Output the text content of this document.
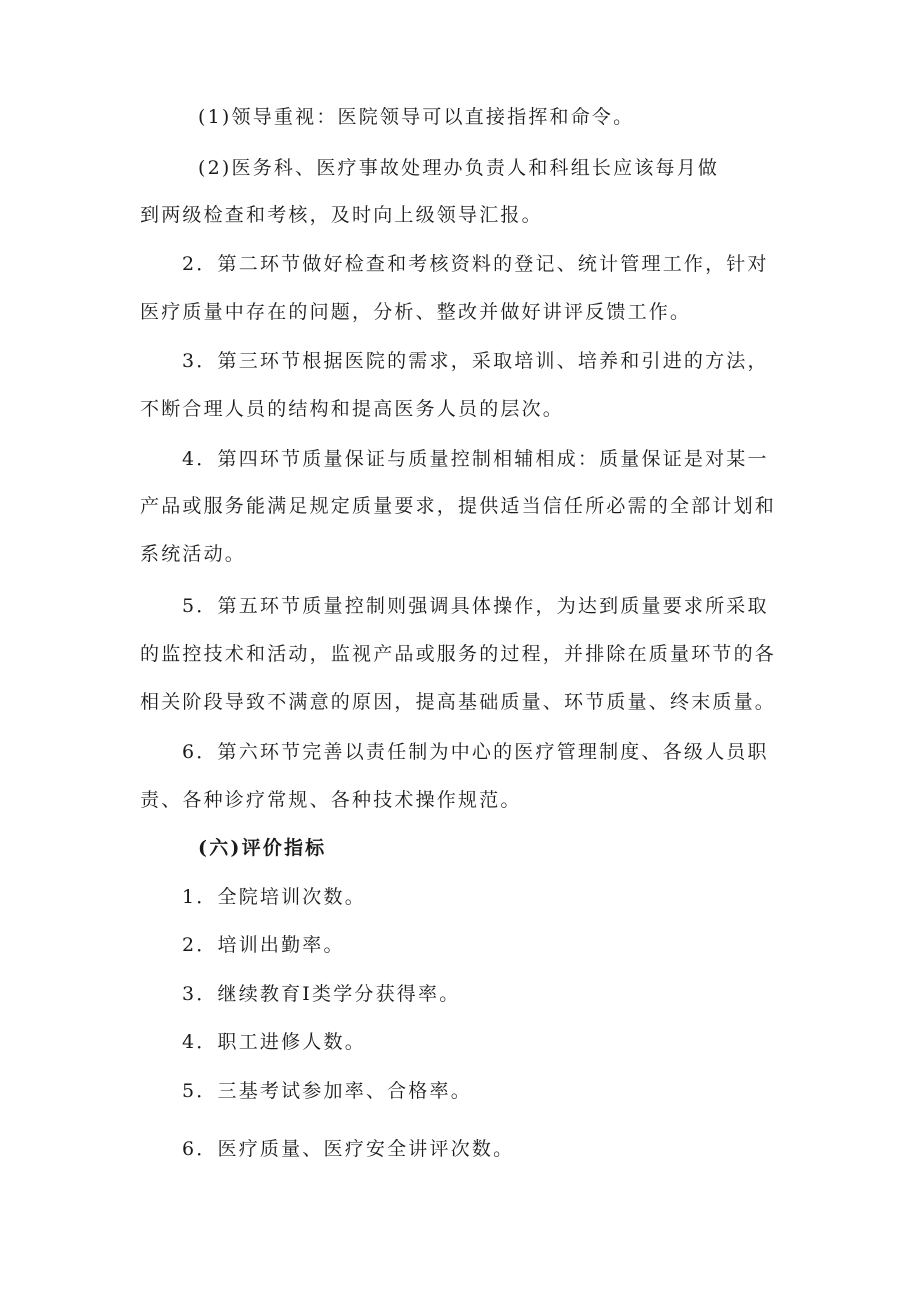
(1)领导重视：医院领导可以直接指挥和命令。
(2)医务科、医疗事故处理办负责人和科组长应该每月做
到两级检查和考核，及时向上级领导汇报。
2．第二环节做好检查和考核资料的登记、统计管理工作，针对
医疗质量中存在的问题，分析、整改并做好讲评反馈工作。
3．第三环节根据医院的需求，采取培训、培养和引进的方法，
不断合理人员的结构和提高医务人员的层次。
4．第四环节质量保证与质量控制相辅相成：质量保证是对某一
产品或服务能满足规定质量要求，提供适当信任所必需的全部计划和
系统活动。
5．第五环节质量控制则强调具体操作，为达到质量要求所采取
的监控技术和活动，监视产品或服务的过程，并排除在质量环节的各
相关阶段导致不满意的原因，提高基础质量、环节质量、终末质量。
6．第六环节完善以责任制为中心的医疗管理制度、各级人员职
责、各种诊疗常规、各种技术操作规范。
(六)评价指标
1．全院培训次数。
2．培训出勤率。
3．继续教育Ⅰ类学分获得率。
4．职工进修人数。
5．三基考试参加率、合格率。
6．医疗质量、医疗安全讲评次数。
